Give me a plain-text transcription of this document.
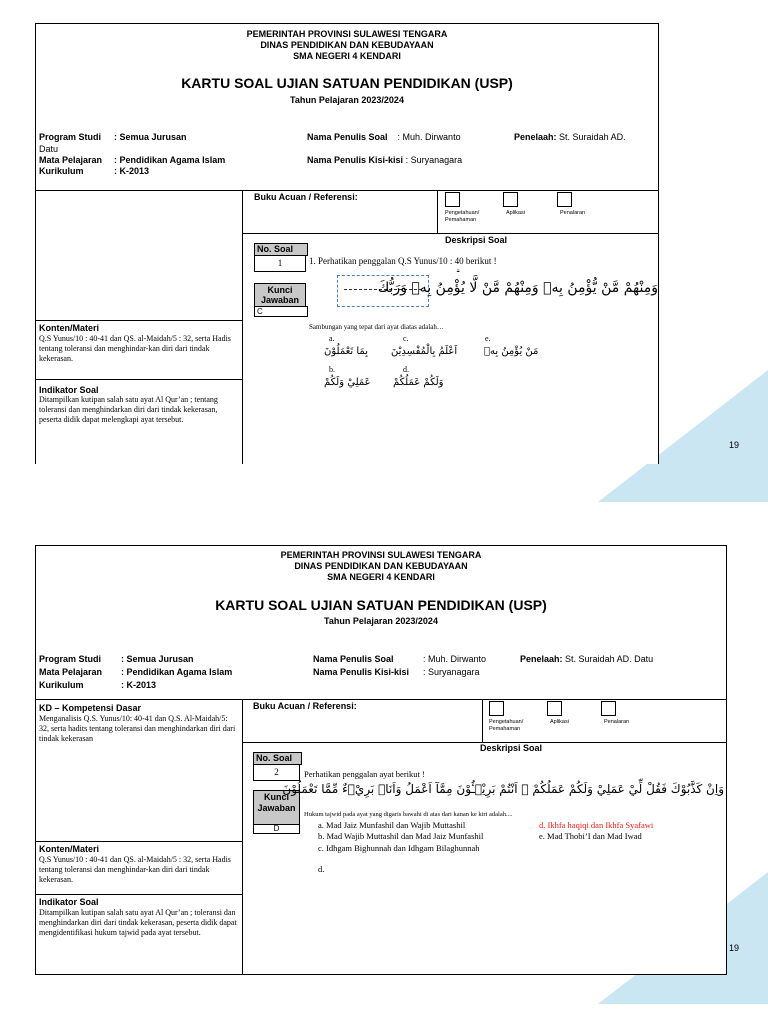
19
19
PEMERINTAH PROVINSI SULAWESI TENGARA
DINAS PENDIDIKAN DAN KEBUDAYAAN
SMA NEGERI 4 KENDARI
KARTU SOAL UJIAN SATUAN PENDIDIKAN (USP)
Tahun Pelajaran 2023/2024
Program Studi : Semua Jurusan
Datu
Mata Pelajaran : Pendidikan Agama Islam
Kurikulum	: K-2013
Nama Penulis Soal : Muh. Dirwanto
Nama Penulis Kisi-kisi : Suryanagara
Penelaah: St. Suraidah AD.
Buku Acuan / Referensi:
Pengetahuan/ Pemahaman
Aplikasi	Penalaran
Deskripsi Soal
No. Soal
1
Kunci Jawaban
C
Konten/Materi
Q.S Yunus/10 : 40-41 dan QS. al-Maidah/5 : 32, serta Hadis tentang toleransi dan menghindar-kan diri dari tindak kekerasan.
Indikator Soal
Ditampilkan kutipan salah satu ayat Al Qur’an ; tentang toleransi dan menghindarkan diri dari tindak kekerasan, peserta didik dapat melengkapi ayat tersebut.
1. Perhatikan penggalan Q.S Yunus/10 : 40 berikut !
وَمِنْهُمْ مَّنْ يُّؤْمِنُ بِهٖ وَمِنْهُمْ مَّنْ لَّا يُؤْمِنُ بِهٖ وَرَبُّكَ
Sambungan yang tepat dari ayat diatas adalah…
a.
بِمَا تَعْمَلُوْنَ
b.
عَمَلِيْ وَلَكُمْ
c.
اَعْلَمُ بِالْمُفْسِدِيْنَ
d.
وَلَكُمْ عَمَلُكُمْ
e.
مَنْ يُؤْمِنُ بِهٖ
PEMERINTAH PROVINSI SULAWESI TENGARA
DINAS PENDIDIKAN DAN KEBUDAYAAN
SMA NEGERI 4 KENDARI
KARTU SOAL UJIAN SATUAN PENDIDIKAN (USP)
Tahun Pelajaran 2023/2024
Program Studi : Semua Jurusan
Mata Pelajaran : Pendidikan Agama Islam
Kurikulum	: K-2013
Nama Penulis Soal	: Muh. Dirwanto
Nama Penulis Kisi-kisi : Suryanagara
Penelaah: St. Suraidah AD. Datu
KD – Kompetensi Dasar
Menganalisis Q.S. Yunus/10: 40-41 dan Q.S. Al-Maidah/5: 32, serta hadits tentang toleransi dan menghindarkan diri dari tindak kekerasan
Buku Acuan / Referensi:
Pengetahuan/ Pemahaman
Aplikasi	Penalaran
Deskripsi Soal
No. Soal
2
Kunci Jawaban
D
Konten/Materi
Q.S Yunus/10 : 40-41 dan QS. al-Maidah/5 : 32, serta Hadis tentang toleransi dan menghindar-kan diri dari tindak kekerasan.
Indikator Soal
Ditampilkan kutipan salah satu ayat Al Qur’an ; toleransi dan menghindarkan diri dari tindak kekerasan, peserta didik dapat mengidentifikasi hukum tajwid pada ayat tersebut.
Perhatikan penggalan ayat berikut !
وَاِنْ كَذَّبُوْكَ فَقُلْ لِّيْ عَمَلِيْ وَلَكُمْ عَمَلُكُمْ ۚ اَنْتُمْ بَرِيْۤـُٔوْنَ مِمَّآ اَعْمَلُ وَاَنَا۠ بَرِيْۤءٌ مِّمَّا تَعْمَلُوْنَ
Hukum tajwid pada ayat yang digaris bawahi di atas dari kanan ke kiri adalah....
a. Mad Jaiz Munfashil dan Wajib Muttashil
b. Mad Wajib Muttashil dan Mad Jaiz Munfashil
c. Idhgam Bighunnah dan Idhgam Bilaghunnah
d.
d. Ikhfa haqiqi dan Ikhfa Syafawi
e. Mad Thobi’I dan Mad Iwad
